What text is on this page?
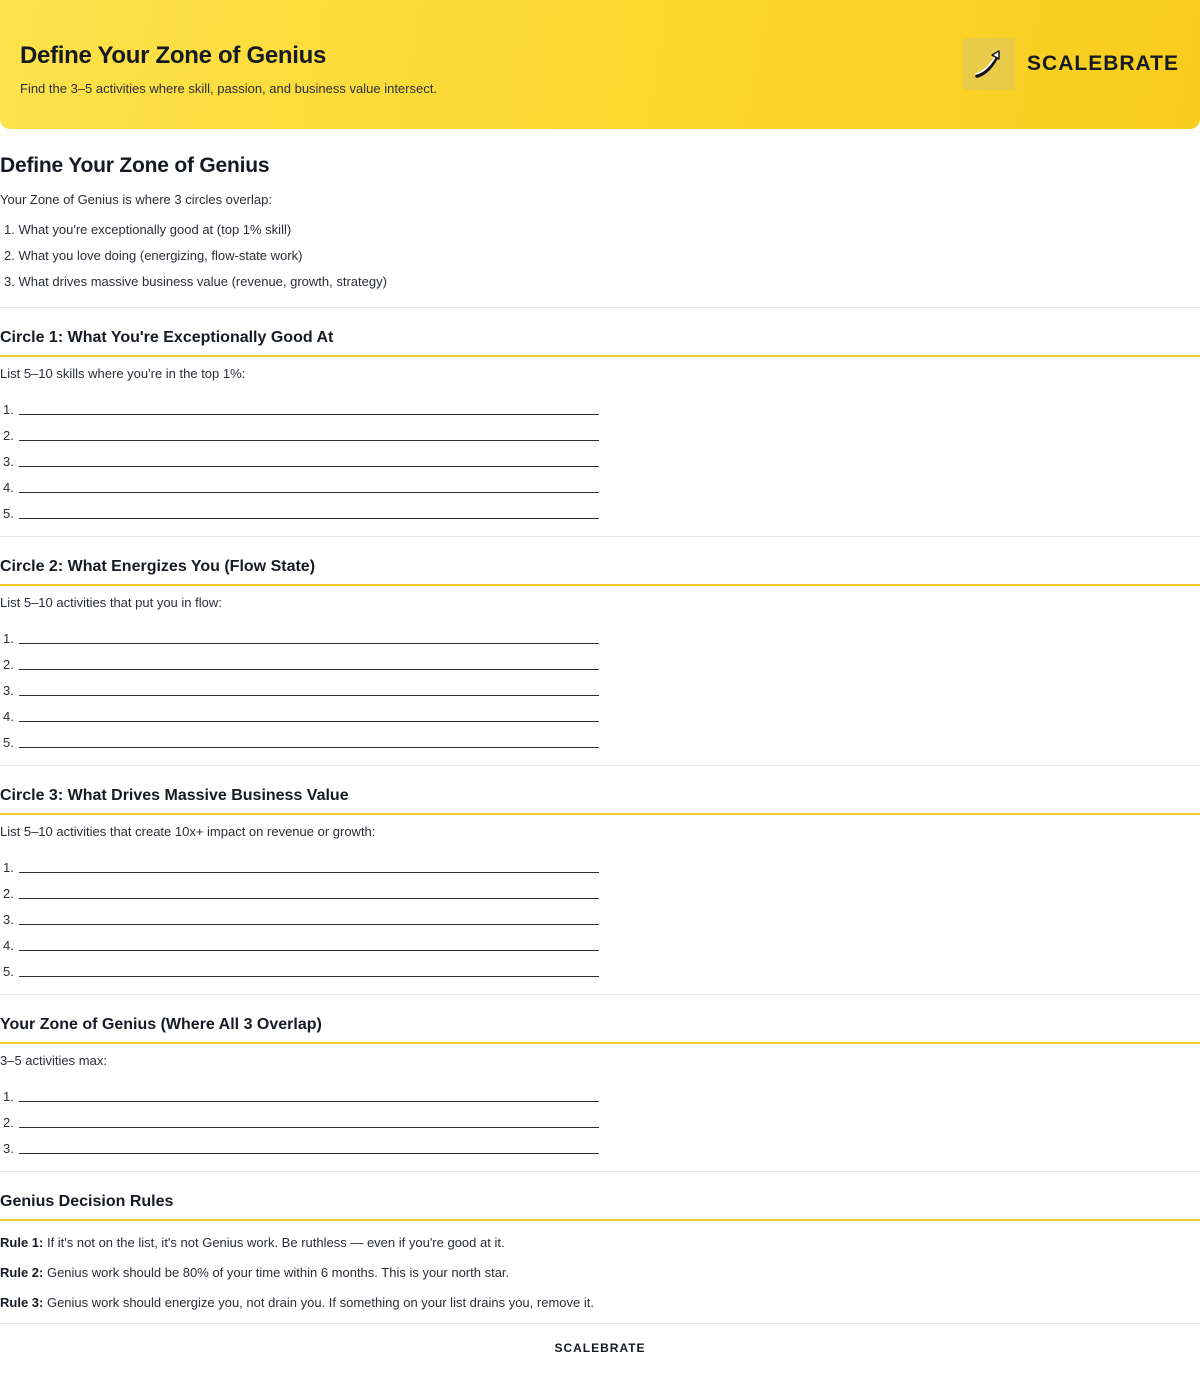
Define Your Zone of Genius
Find the 3–5 activities where skill, passion, and business value intersect.
SCALEBRATE
Define Your Zone of Genius
Your Zone of Genius is where 3 circles overlap:
1. What you're exceptionally good at (top 1% skill)
2. What you love doing (energizing, flow-state work)
3. What drives massive business value (revenue, growth, strategy)
Circle 1: What You're Exceptionally Good At
List 5–10 skills where you're in the top 1%:
1.
2.
3.
4.
5.
Circle 2: What Energizes You (Flow State)
List 5–10 activities that put you in flow:
1.
2.
3.
4.
5.
Circle 3: What Drives Massive Business Value
List 5–10 activities that create 10x+ impact on revenue or growth:
1.
2.
3.
4.
5.
Your Zone of Genius (Where All 3 Overlap)
3–5 activities max:
1.
2.
3.
Genius Decision Rules
Rule 1: If it's not on the list, it's not Genius work. Be ruthless — even if you're good at it.
Rule 2: Genius work should be 80% of your time within 6 months. This is your north star.
Rule 3: Genius work should energize you, not drain you. If something on your list drains you, remove it.
SCALEBRATE
